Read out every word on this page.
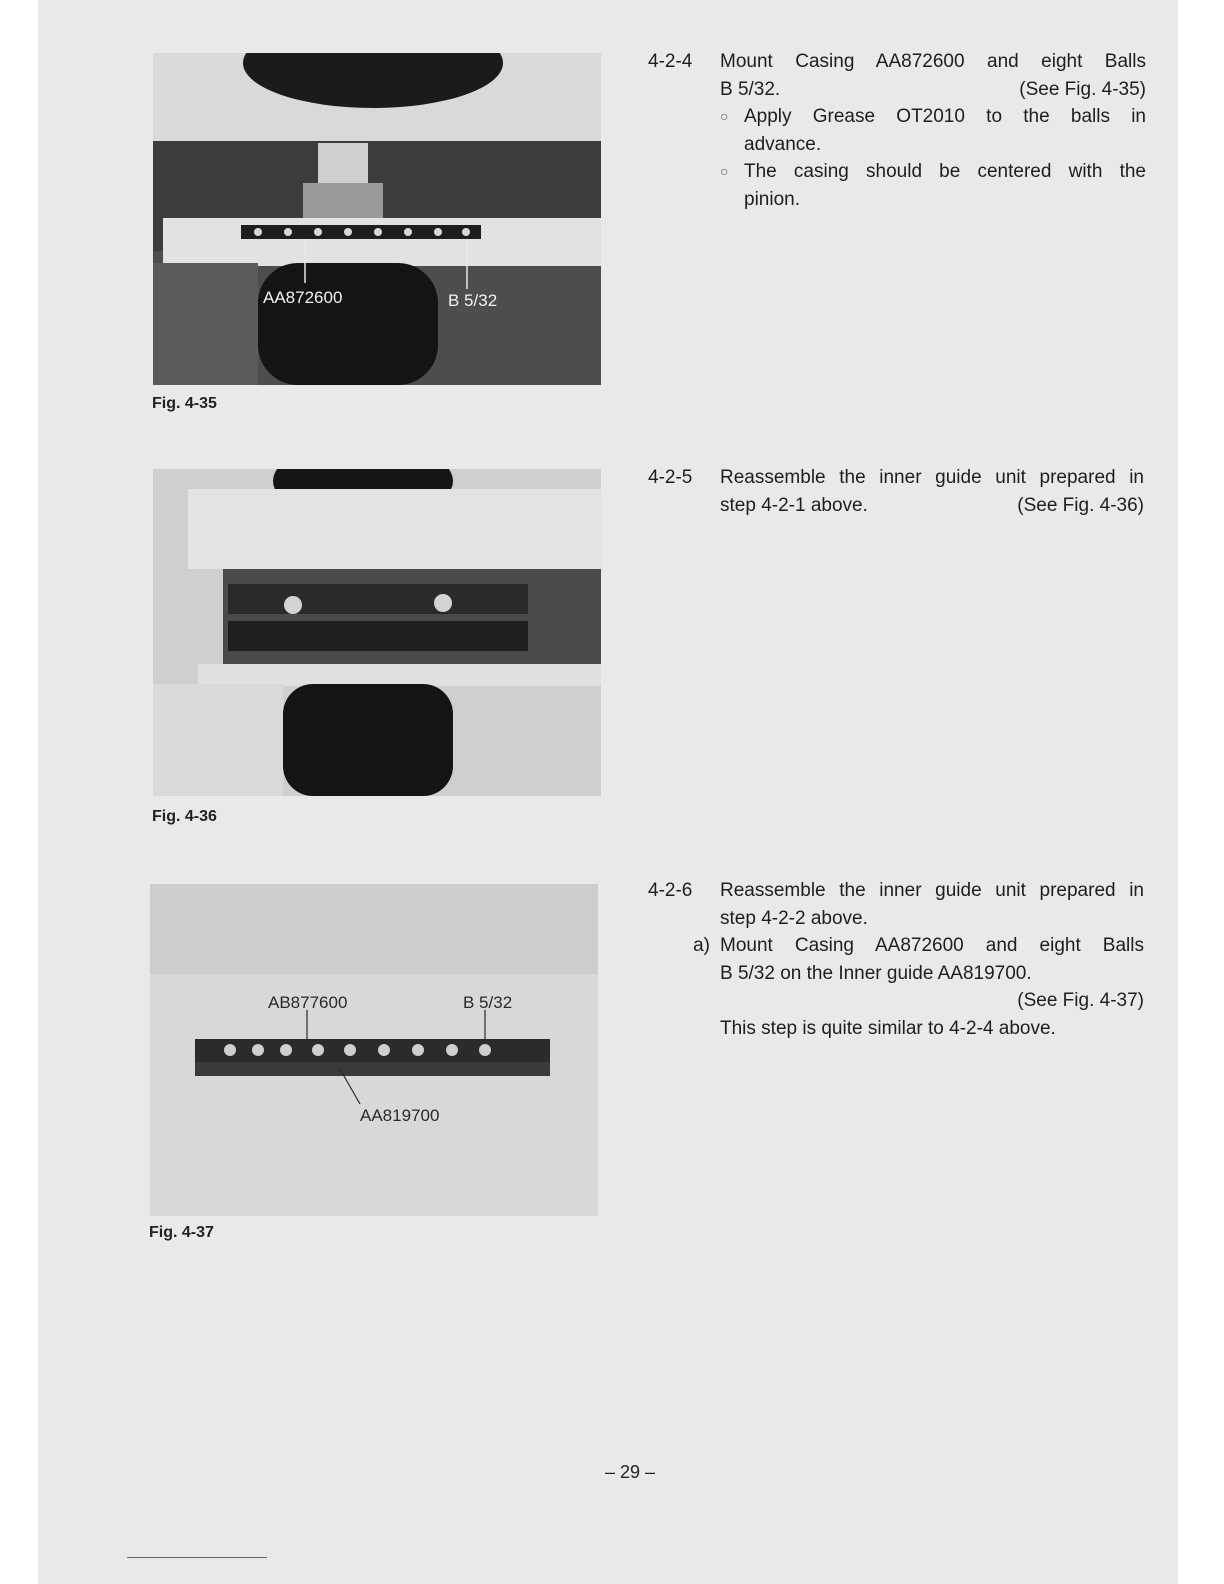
AA872600	B 5/32
Fig. 4-35
Fig. 4-36
AB877600	B 5/32
AA819700
Fig. 4-37
4-2-4	Mount Casing AA872600 and eight Balls
B 5/32.	(See Fig. 4-35)
○ Apply Grease OT2010 to the balls in
advance.
○ The casing should be centered with the
pinion.
4-2-5	Reassemble the inner guide unit prepared in
step 4-2-1 above.	(See Fig. 4-36)
4-2-6	Reassemble the inner guide unit prepared in
step 4-2-2 above.
a) Mount Casing AA872600 and eight Balls
B 5/32 on the Inner guide AA819700.
(See Fig. 4-37)
This step is quite similar to 4-2-4 above.
– 29 –
